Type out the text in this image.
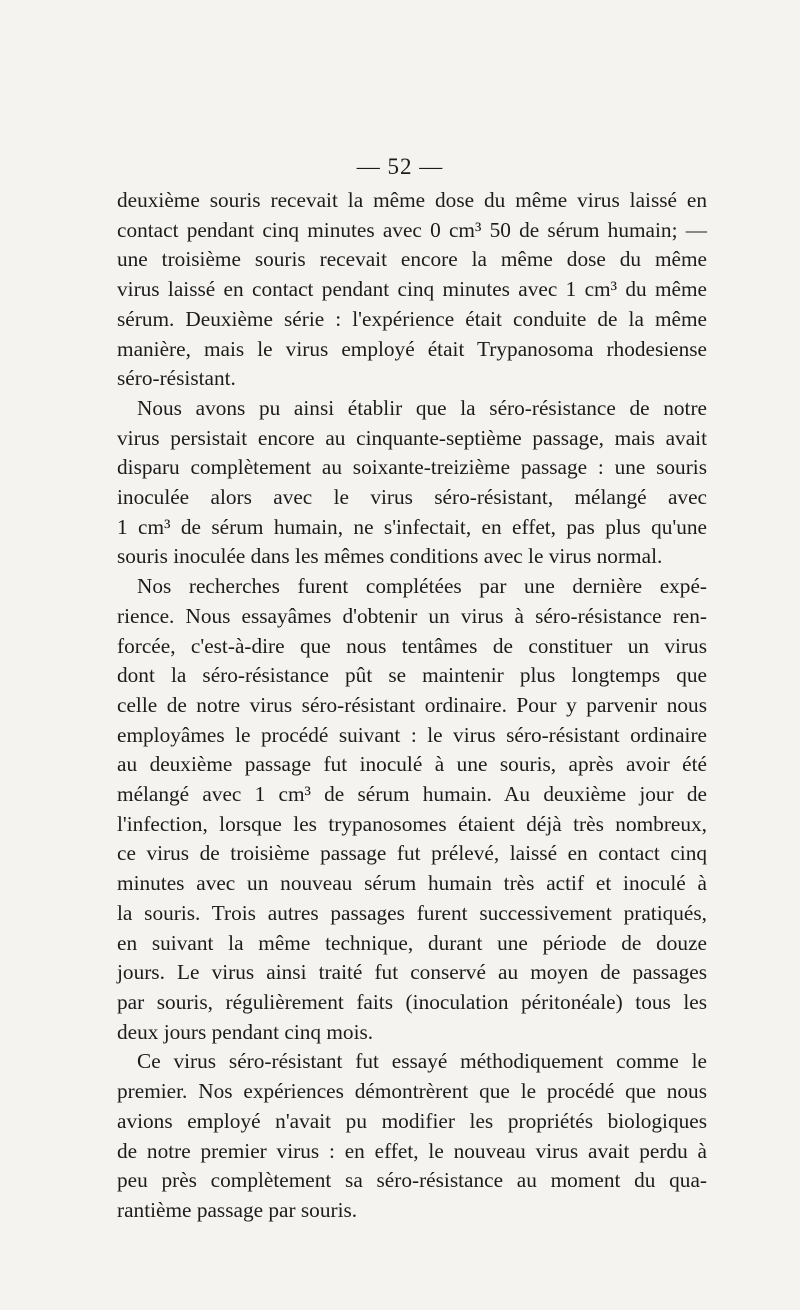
— 52 —

deuxième souris recevait la même dose du même virus laissé en
contact pendant cinq minutes avec 0 cm³ 50 de sérum humain; —
une troisième souris recevait encore la même dose du même
virus laissé en contact pendant cinq minutes avec 1 cm³ du même
sérum. Deuxième série : l'expérience était conduite de la même
manière, mais le virus employé était Trypanosoma rhodesiense
séro-résistant.

Nous avons pu ainsi établir que la séro-résistance de notre
virus persistait encore au cinquante-septième passage, mais avait
disparu complètement au soixante-treizième passage : une souris
inoculée alors avec le virus séro-résistant, mélangé avec
1 cm³ de sérum humain, ne s'infectait, en effet, pas plus qu'une
souris inoculée dans les mêmes conditions avec le virus normal.

Nos recherches furent complétées par une dernière expé-
rience. Nous essayâmes d'obtenir un virus à séro-résistance ren-
forcée, c'est-à-dire que nous tentâmes de constituer un virus
dont la séro-résistance pût se maintenir plus longtemps que
celle de notre virus séro-résistant ordinaire. Pour y parvenir nous
employâmes le procédé suivant : le virus séro-résistant ordinaire
au deuxième passage fut inoculé à une souris, après avoir été
mélangé avec 1 cm³ de sérum humain. Au deuxième jour de
l'infection, lorsque les trypanosomes étaient déjà très nombreux,
ce virus de troisième passage fut prélevé, laissé en contact cinq
minutes avec un nouveau sérum humain très actif et inoculé à
la souris. Trois autres passages furent successivement pratiqués,
en suivant la même technique, durant une période de douze
jours. Le virus ainsi traité fut conservé au moyen de passages
par souris, régulièrement faits (inoculation péritonéale) tous les
deux jours pendant cinq mois.

Ce virus séro-résistant fut essayé méthodiquement comme le
premier. Nos expériences démontrèrent que le procédé que nous
avions employé n'avait pu modifier les propriétés biologiques
de notre premier virus : en effet, le nouveau virus avait perdu à
peu près complètement sa séro-résistance au moment du qua-
rantième passage par souris.
